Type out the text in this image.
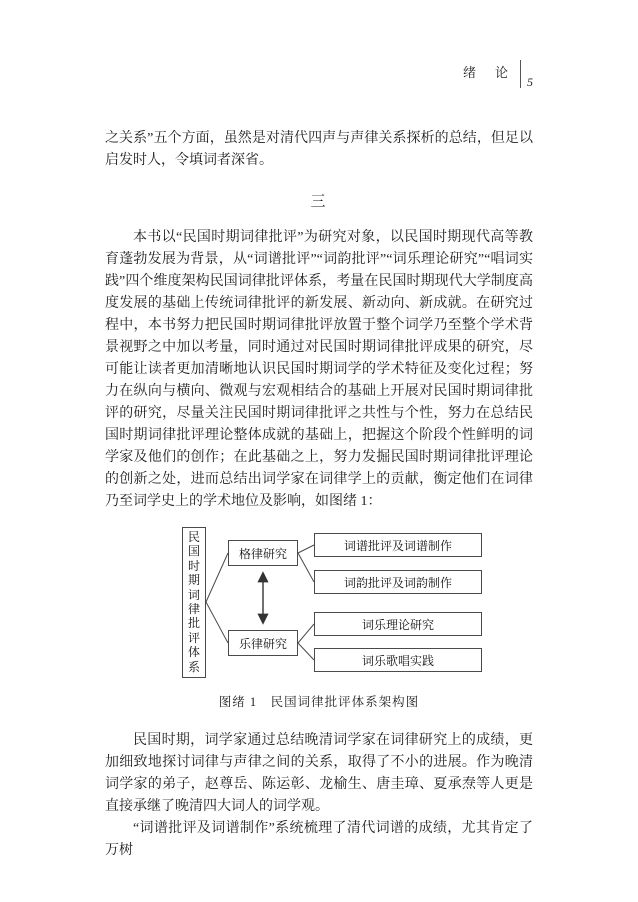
绪　论
5

之关系”五个方面，虽然是对清代四声与声律关系探析的总结，但足以启发时人，令填词者深省。

三

本书以“民国时期词律批评”为研究对象，以民国时期现代高等教育蓬勃发展为背景，从“词谱批评”“词韵批评”“词乐理论研究”“唱词实践”四个维度架构民国词律批评体系，考量在民国时期现代大学制度高度发展的基础上传统词律批评的新发展、新动向、新成就。在研究过程中，本书努力把民国时期词律批评放置于整个词学乃至整个学术背景视野之中加以考量，同时通过对民国时期词律批评成果的研究，尽可能让读者更加清晰地认识民国时期词学的学术特征及变化过程；努力在纵向与横向、微观与宏观相结合的基础上开展对民国时期词律批评的研究，尽量关注民国时期词律批评之共性与个性，努力在总结民国时期词律批评理论整体成就的基础上，把握这个阶段个性鲜明的词学家及他们的创作；在此基础之上，努力发掘民国时期词律批评理论的创新之处，进而总结出词学家在词律学上的贡献，衡定他们在词律乃至词学史上的学术地位及影响，如图绪 1：

民国时期词律批评体系
格律研究
乐律研究
词谱批评及词谱制作
词韵批评及词韵制作
词乐理论研究
词乐歌唱实践
图绪 1　民国词律批评体系架构图

民国时期，词学家通过总结晚清词学家在词律研究上的成绩，更加细致地探讨词律与声律之间的关系，取得了不小的进展。作为晚清词学家的弟子，赵尊岳、陈运彰、龙榆生、唐圭璋、夏承焘等人更是直接承继了晚清四大词人的词学观。

“词谱批评及词谱制作”系统梳理了清代词谱的成绩，尤其肯定了万树
